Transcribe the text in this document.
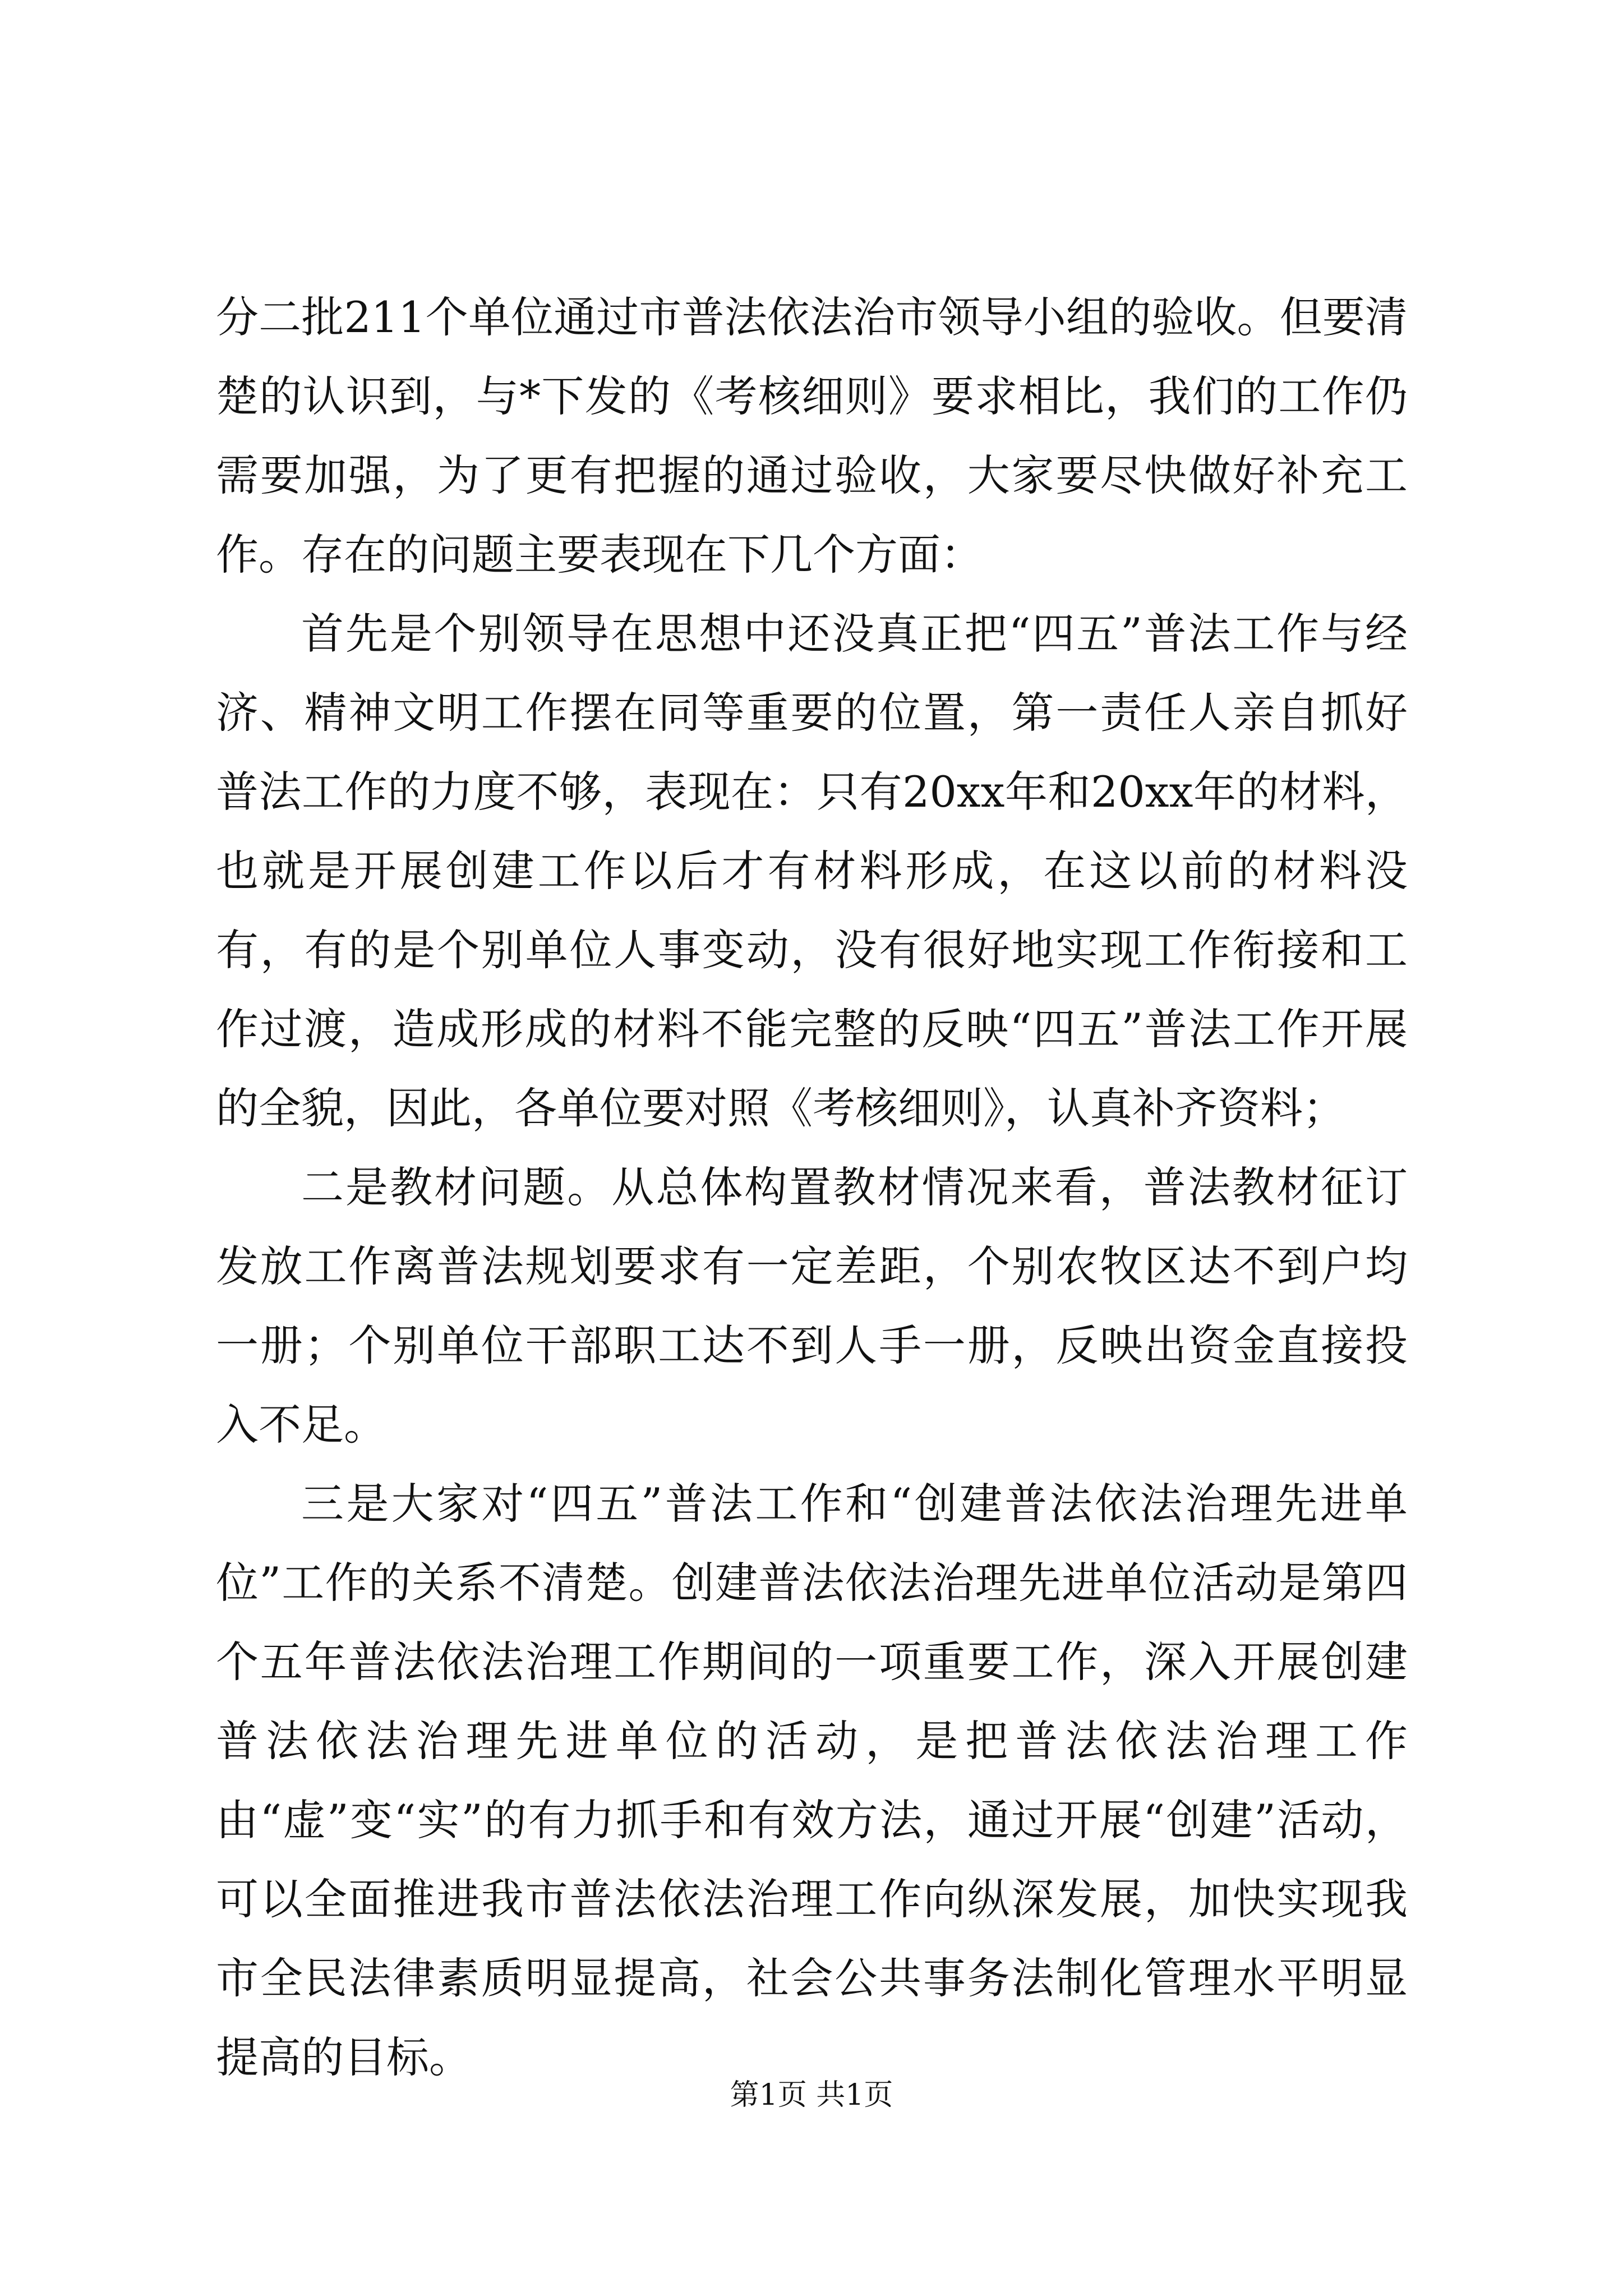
分二批211个单位通过市普法依法治市领导小组的验收。但要清楚的认识到，与*下发的《考核细则》要求相比，我们的工作仍需要加强，为了更有把握的通过验收，大家要尽快做好补充工作。存在的问题主要表现在下几个方面：

首先是个别领导在思想中还没真正把“四五”普法工作与经济、精神文明工作摆在同等重要的位置，第一责任人亲自抓好普法工作的力度不够，表现在：只有20xx年和20xx年的材料，也就是开展创建工作以后才有材料形成，在这以前的材料没有，有的是个别单位人事变动，没有很好地实现工作衔接和工作过渡，造成形成的材料不能完整的反映“四五”普法工作开展的全貌，因此，各单位要对照《考核细则》，认真补齐资料；

二是教材问题。从总体构置教材情况来看，普法教材征订发放工作离普法规划要求有一定差距，个别农牧区达不到户均一册；个别单位干部职工达不到人手一册，反映出资金直接投入不足。

三是大家对“四五”普法工作和“创建普法依法治理先进单位”工作的关系不清楚。创建普法依法治理先进单位活动是第四个五年普法依法治理工作期间的一项重要工作，深入开展创建普法依法治理先进单位的活动，是把普法依法治理工作由“虚”变“实”的有力抓手和有效方法，通过开展“创建”活动，可以全面推进我市普法依法治理工作向纵深发展，加快实现我市全民法律素质明显提高，社会公共事务法制化管理水平明显提高的目标。

第1页 共1页
